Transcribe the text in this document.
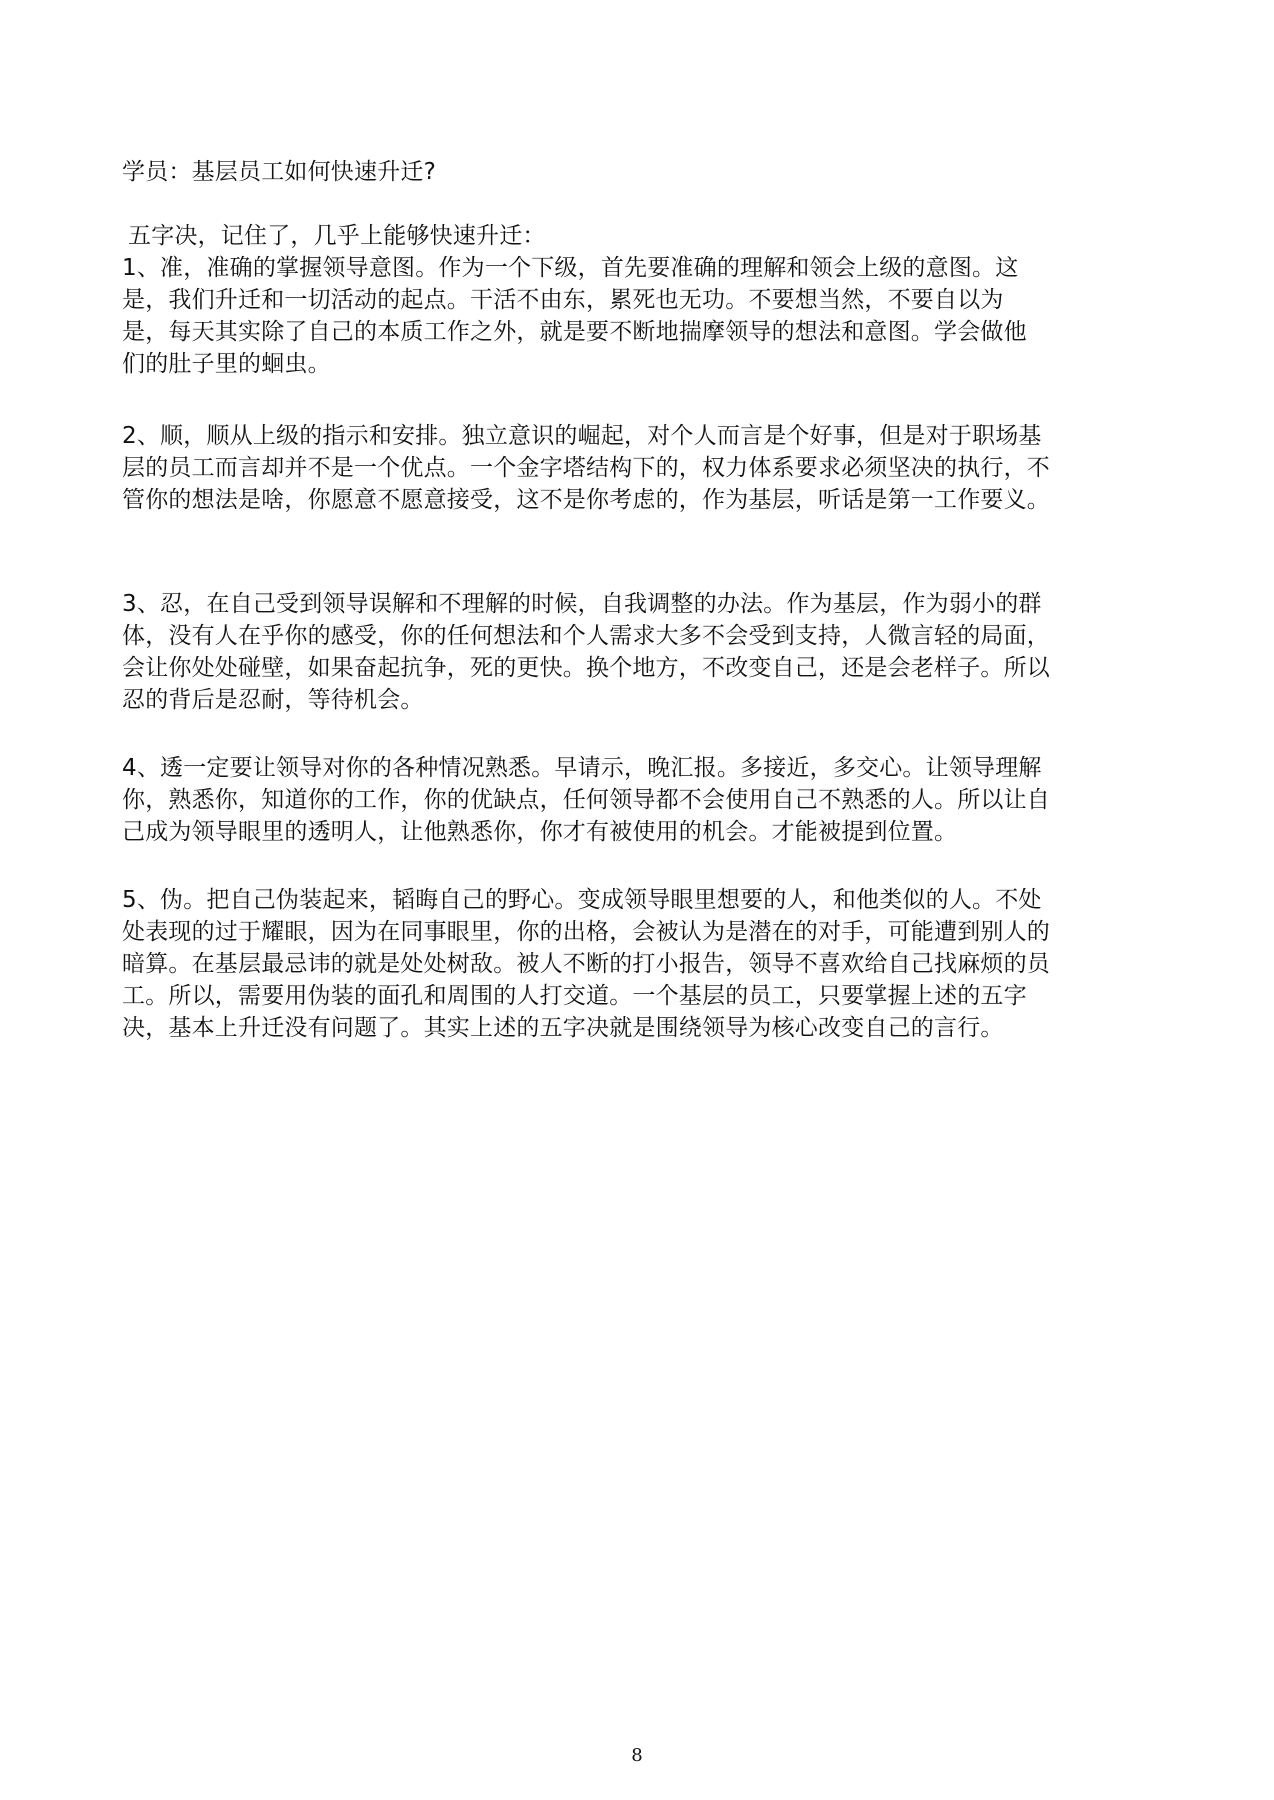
学员：基层员工如何快速升迁?
五字决，记住了，几乎上能够快速升迁：
1、准，准确的掌握领导意图。作为一个下级，首先要准确的理解和领会上级的意图。这
是，我们升迁和一切活动的起点。干活不由东，累死也无功。不要想当然，不要自以为
是，每天其实除了自己的本质工作之外，就是要不断地揣摩领导的想法和意图。学会做他
们的肚子里的蛔虫。
2、顺，顺从上级的指示和安排。独立意识的崛起，对个人而言是个好事，但是对于职场基
层的员工而言却并不是一个优点。一个金字塔结构下的，权力体系要求必须坚决的执行，不
管你的想法是啥，你愿意不愿意接受，这不是你考虑的，作为基层，听话是第一工作要义。
3、忍，在自己受到领导误解和不理解的时候，自我调整的办法。作为基层，作为弱小的群
体，没有人在乎你的感受，你的任何想法和个人需求大多不会受到支持，人微言轻的局面，
会让你处处碰壁，如果奋起抗争，死的更快。换个地方，不改变自己，还是会老样子。所以
忍的背后是忍耐，等待机会。
4、透一定要让领导对你的各种情况熟悉。早请示，晚汇报。多接近，多交心。让领导理解
你，熟悉你，知道你的工作，你的优缺点，任何领导都不会使用自己不熟悉的人。所以让自
己成为领导眼里的透明人，让他熟悉你，你才有被使用的机会。才能被提到位置。
5、伪。把自己伪装起来，韬晦自己的野心。变成领导眼里想要的人，和他类似的人。不处
处表现的过于耀眼，因为在同事眼里，你的出格，会被认为是潜在的对手，可能遭到别人的
暗算。在基层最忌讳的就是处处树敌。被人不断的打小报告，领导不喜欢给自己找麻烦的员
工。所以，需要用伪装的面孔和周围的人打交道。一个基层的员工，只要掌握上述的五字
决，基本上升迁没有问题了。其实上述的五字决就是围绕领导为核心改变自己的言行。
8
